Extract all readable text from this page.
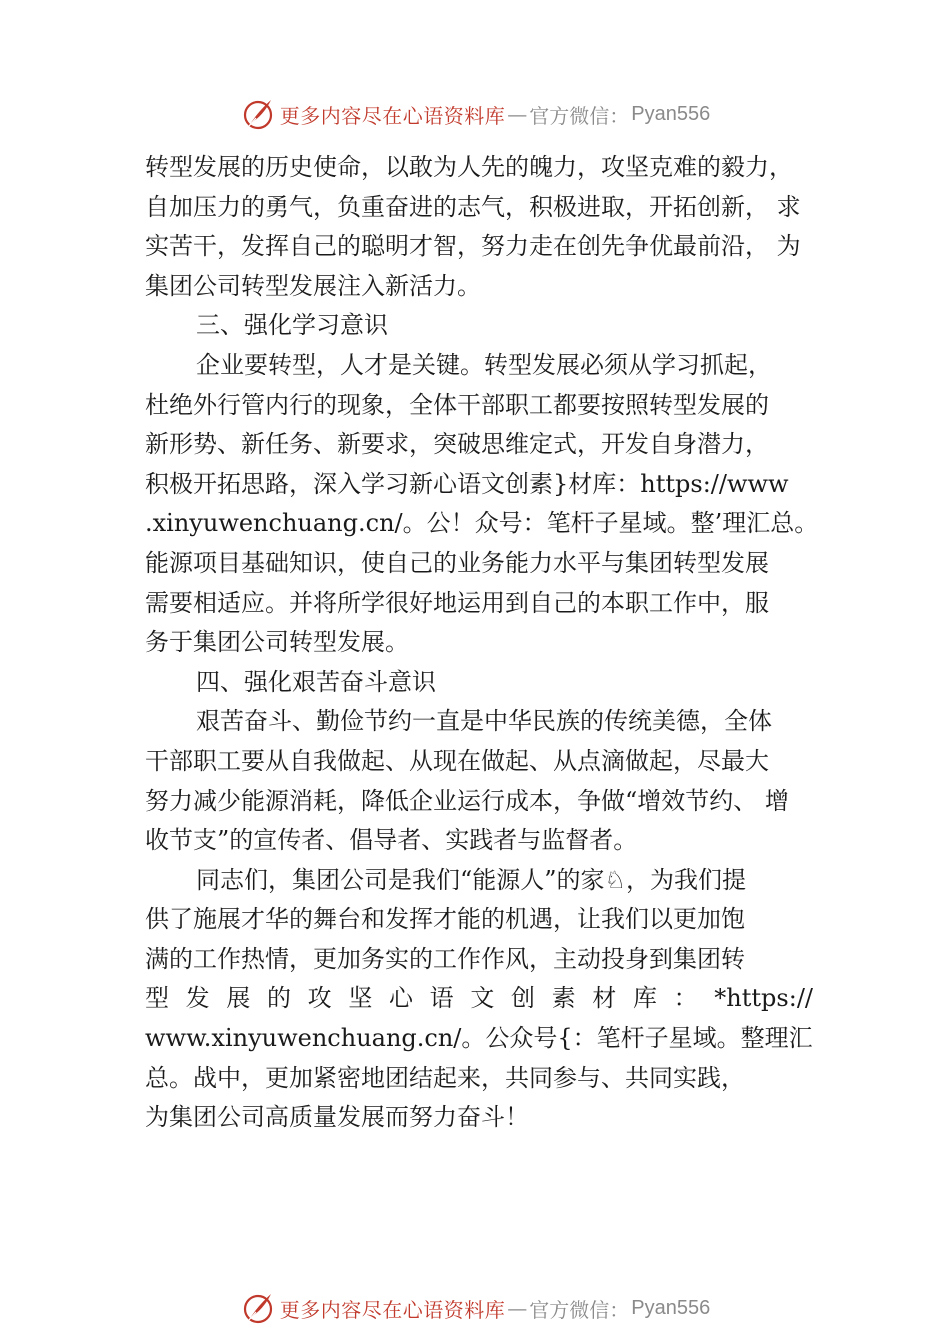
更多内容尽在心语资料库 — 官方微信： Pyan556
转型发展的历史使命，以敢为人先的魄力，攻坚克难的毅力，
自加压力的勇气，负重奋进的志气，积极进取，开拓创新， 求
实苦干，发挥自己的聪明才智，努力走在创先争优最前沿， 为
集团公司转型发展注入新活力。
三、强化学习意识
企业要转型，人才是关键。转型发展必须从学习抓起，
杜绝外行管内行的现象，全体干部职工都要按照转型发展的
新形势、新任务、新要求，突破思维定式，开发自身潜力，
积极开拓思路，深入学习新心语文创素}材库：https://www
.xinyuwenchuang.cn/。公！众号：笔杆子星域。整’理汇总。
能源项目基础知识，使自己的业务能力水平与集团转型发展
需要相适应。并将所学很好地运用到自己的本职工作中，服
务于集团公司转型发展。
四、强化艰苦奋斗意识
艰苦奋斗、勤俭节约一直是中华民族的传统美德，全体
干部职工要从自我做起、从现在做起、从点滴做起，尽最大
努力减少能源消耗，降低企业运行成本，争做“增效节约、 增
收节支”的宣传者、倡导者、实践者与监督者。
同志们，集团公司是我们“能源人”的家♘，为我们提
供了施展才华的舞台和发挥才能的机遇，让我们以更加饱
满的工作热情，更加务实的工作作风，主动投身到集团转
型 发 展 的 攻 坚 心 语 文 创 素 材 库 ： *https://
www.xinyuwenchuang.cn/。公众号{：笔杆子星域。整理汇
总。战中，更加紧密地团结起来，共同参与、共同实践，
为集团公司高质量发展而努力奋斗！
更多内容尽在心语资料库 — 官方微信： Pyan556
